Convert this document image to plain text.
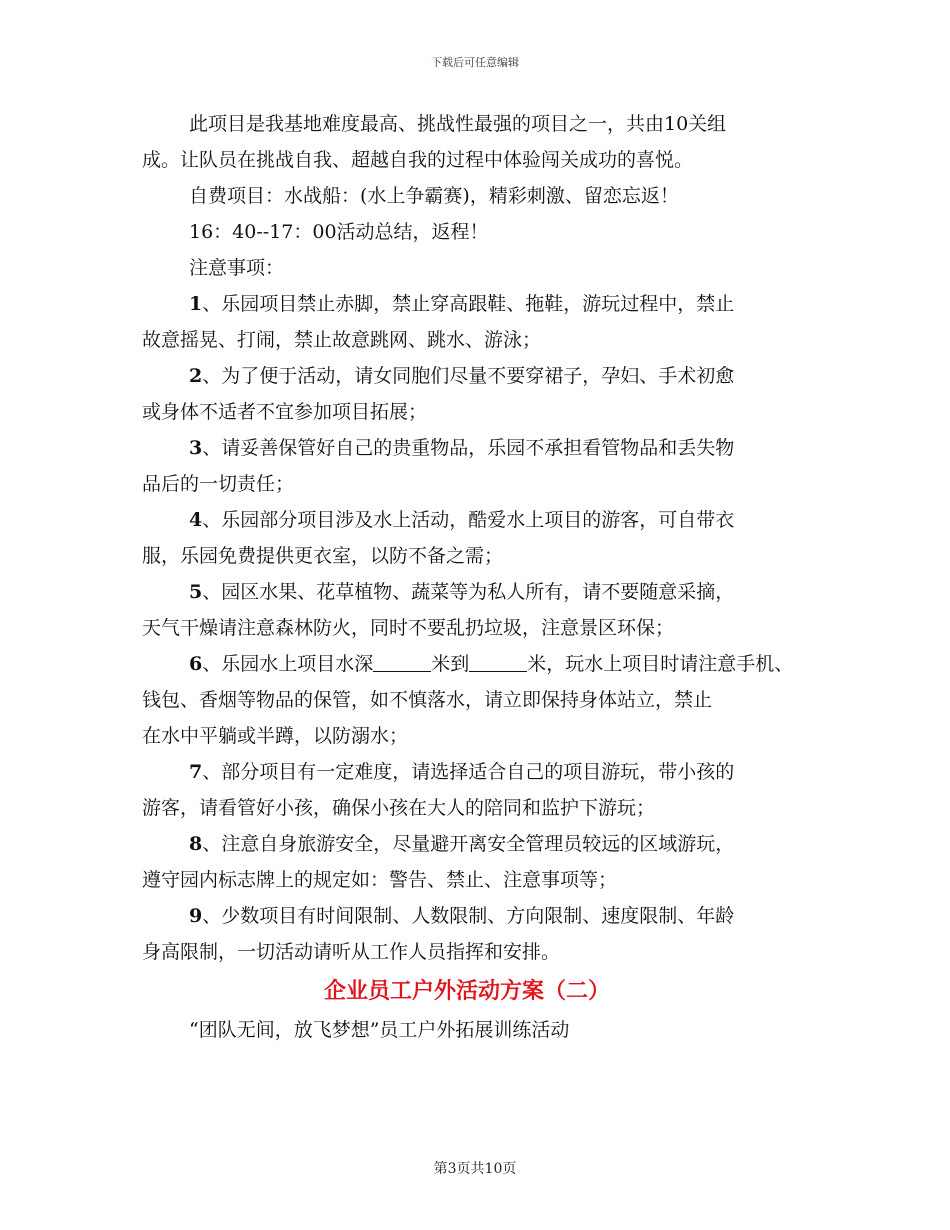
下载后可任意编辑
此项目是我基地难度最高、挑战性最强的项目之一，共由10关组
成。让队员在挑战自我、超越自我的过程中体验闯关成功的喜悦。
自费项目：水战船：(水上争霸赛)，精彩刺激、留恋忘返！
16：40--17：00活动总结，返程！
注意事项：
1、乐园项目禁止赤脚，禁止穿高跟鞋、拖鞋，游玩过程中，禁止
故意摇晃、打闹，禁止故意跳网、跳水、游泳；
2、为了便于活动，请女同胞们尽量不要穿裙子，孕妇、手术初愈
或身体不适者不宜参加项目拓展；
3、请妥善保管好自己的贵重物品，乐园不承担看管物品和丢失物
品后的一切责任；
4、乐园部分项目涉及水上活动，酷爱水上项目的游客，可自带衣
服，乐园免费提供更衣室，以防不备之需；
5、园区水果、花草植物、蔬菜等为私人所有，请不要随意采摘，
天气干燥请注意森林防火，同时不要乱扔垃圾，注意景区环保；
6、乐园水上项目水深	米到	米，玩水上项目时请注意手机、
钱包、香烟等物品的保管，如不慎落水，请立即保持身体站立，禁止
在水中平躺或半蹲，以防溺水；
7、部分项目有一定难度，请选择适合自己的项目游玩，带小孩的
游客，请看管好小孩，确保小孩在大人的陪同和监护下游玩；
8、注意自身旅游安全，尽量避开离安全管理员较远的区域游玩，
遵守园内标志牌上的规定如：警告、禁止、注意事项等；
9、少数项目有时间限制、人数限制、方向限制、速度限制、年龄
身高限制，一切活动请听从工作人员指挥和安排。
企业员工户外活动方案（二）
“团队无间，放飞梦想”员工户外拓展训练活动
第3页共10页
